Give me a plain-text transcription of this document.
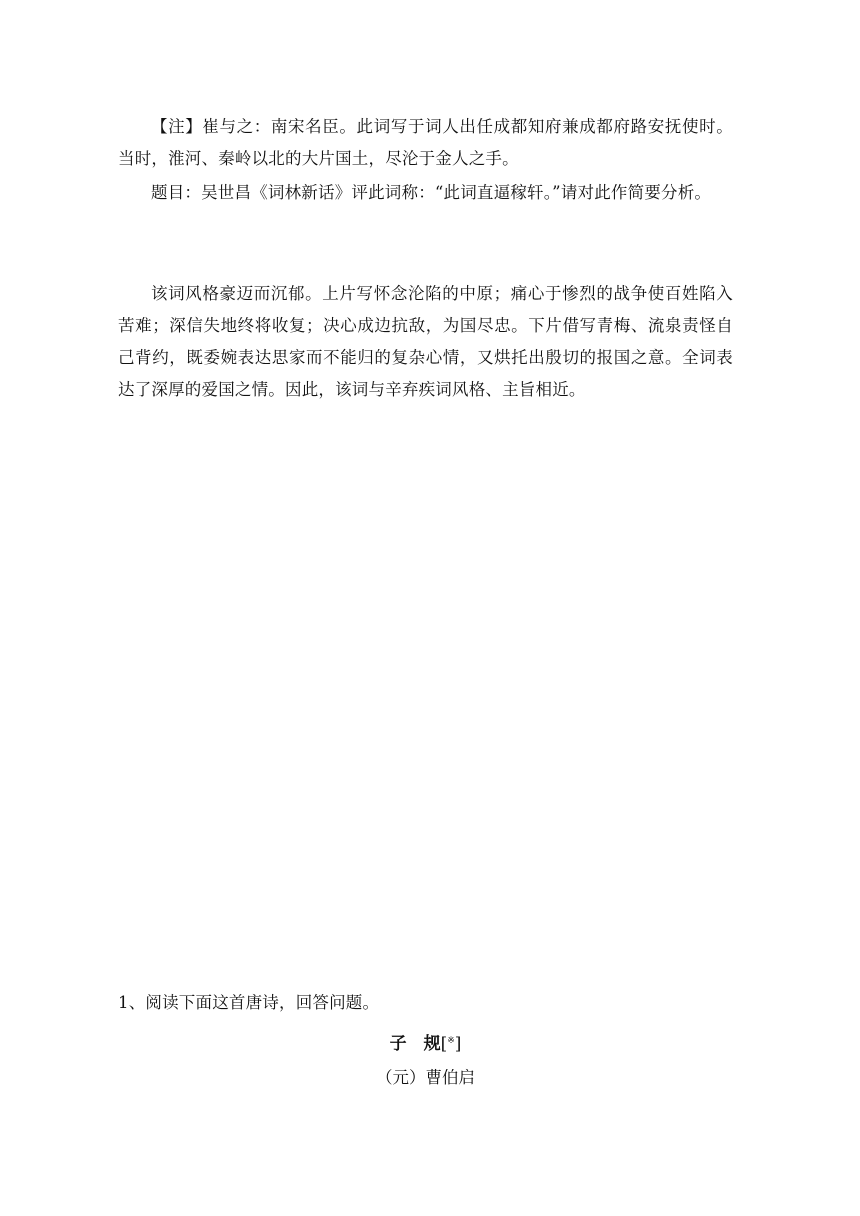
【注】崔与之：南宋名臣。此词写于词人出任成都知府兼成都府路安抚使时。当时，淮河、秦岭以北的大片国土，尽沦于金人之手。

题目：吴世昌《词林新话》评此词称：“此词直逼稼轩。”请对此作简要分析。

该词风格豪迈而沉郁。上片写怀念沦陷的中原；痛心于惨烈的战争使百姓陷入苦难；深信失地终将收复；决心成边抗敌，为国尽忠。下片借写青梅、流泉责怪自己背约，既委婉表达思家而不能归的复杂心情，又烘托出殷切的报国之意。全词表达了深厚的爱国之情。因此，该词与辛弃疾词风格、主旨相近。

1、阅读下面这首唐诗，回答问题。

子　规[※]

（元）曹伯启
